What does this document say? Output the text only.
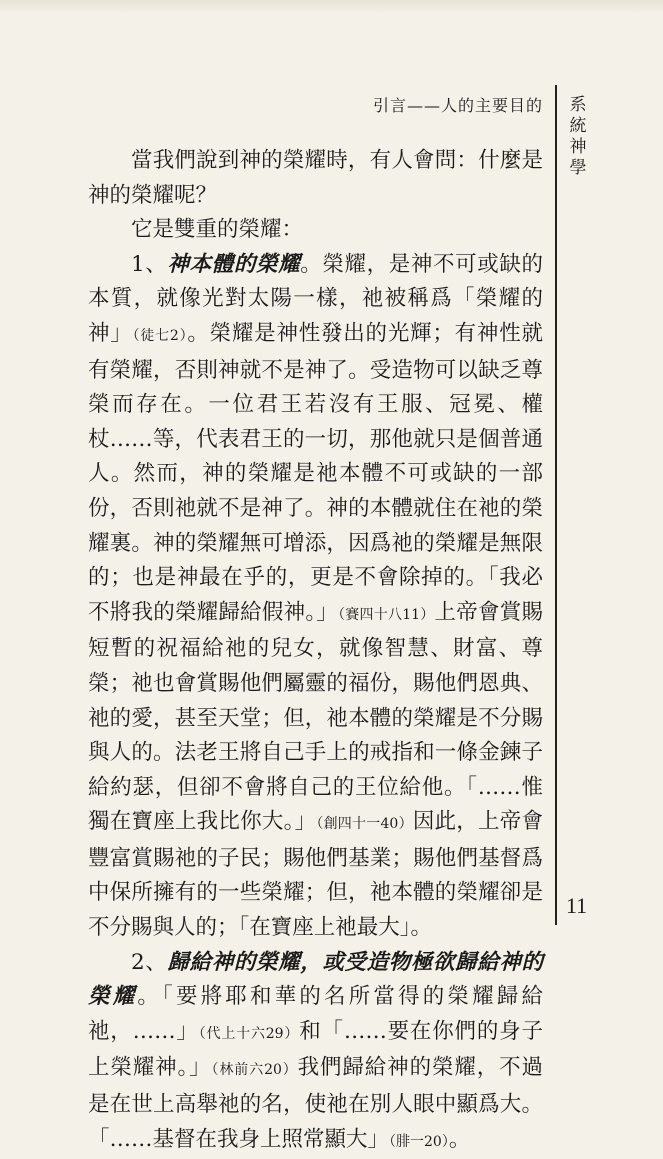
引言——人的主要目的 系
統
神
學
11

當我們說到神的榮耀時，有人會問：什麼是神的榮耀呢？

它是雙重的榮耀：

1、神本體的榮耀。榮耀，是神不可或缺的本質，就像光對太陽一樣，祂被稱爲「榮耀的神」（徒七2）。榮耀是神性發出的光輝；有神性就有榮耀，否則神就不是神了。受造物可以缺乏尊榮而存在。一位君王若沒有王服、冠冕、權杖……等，代表君王的一切，那他就只是個普通人。然而，神的榮耀是祂本體不可或缺的一部份，否則祂就不是神了。神的本體就住在祂的榮耀裏。神的榮耀無可增添，因爲祂的榮耀是無限的；也是神最在乎的，更是不會除掉的。「我必不將我的榮耀歸給假神。」（賽四十八11）上帝會賞賜短暫的祝福給祂的兒女，就像智慧、財富、尊榮；祂也會賞賜他們屬靈的福份，賜他們恩典、祂的愛，甚至天堂；但，祂本體的榮耀是不分賜與人的。法老王將自己手上的戒指和一條金鍊子給約瑟，但卻不會將自己的王位給他。「……惟獨在寶座上我比你大。」（創四十一40）因此，上帝會豐富賞賜祂的子民；賜他們基業；賜他們基督爲中保所擁有的一些榮耀；但，祂本體的榮耀卻是不分賜與人的；「在寶座上祂最大」。

2、歸給神的榮耀，或受造物極欲歸給神的榮耀。「要將耶和華的名所當得的榮耀歸給祂，……」（代上十六29）和「……要在你們的身子上榮耀神。」（林前六20）我們歸給神的榮耀，不過是在世上高舉祂的名，使祂在別人眼中顯爲大。「……基督在我身上照常顯大」（腓一20）。
